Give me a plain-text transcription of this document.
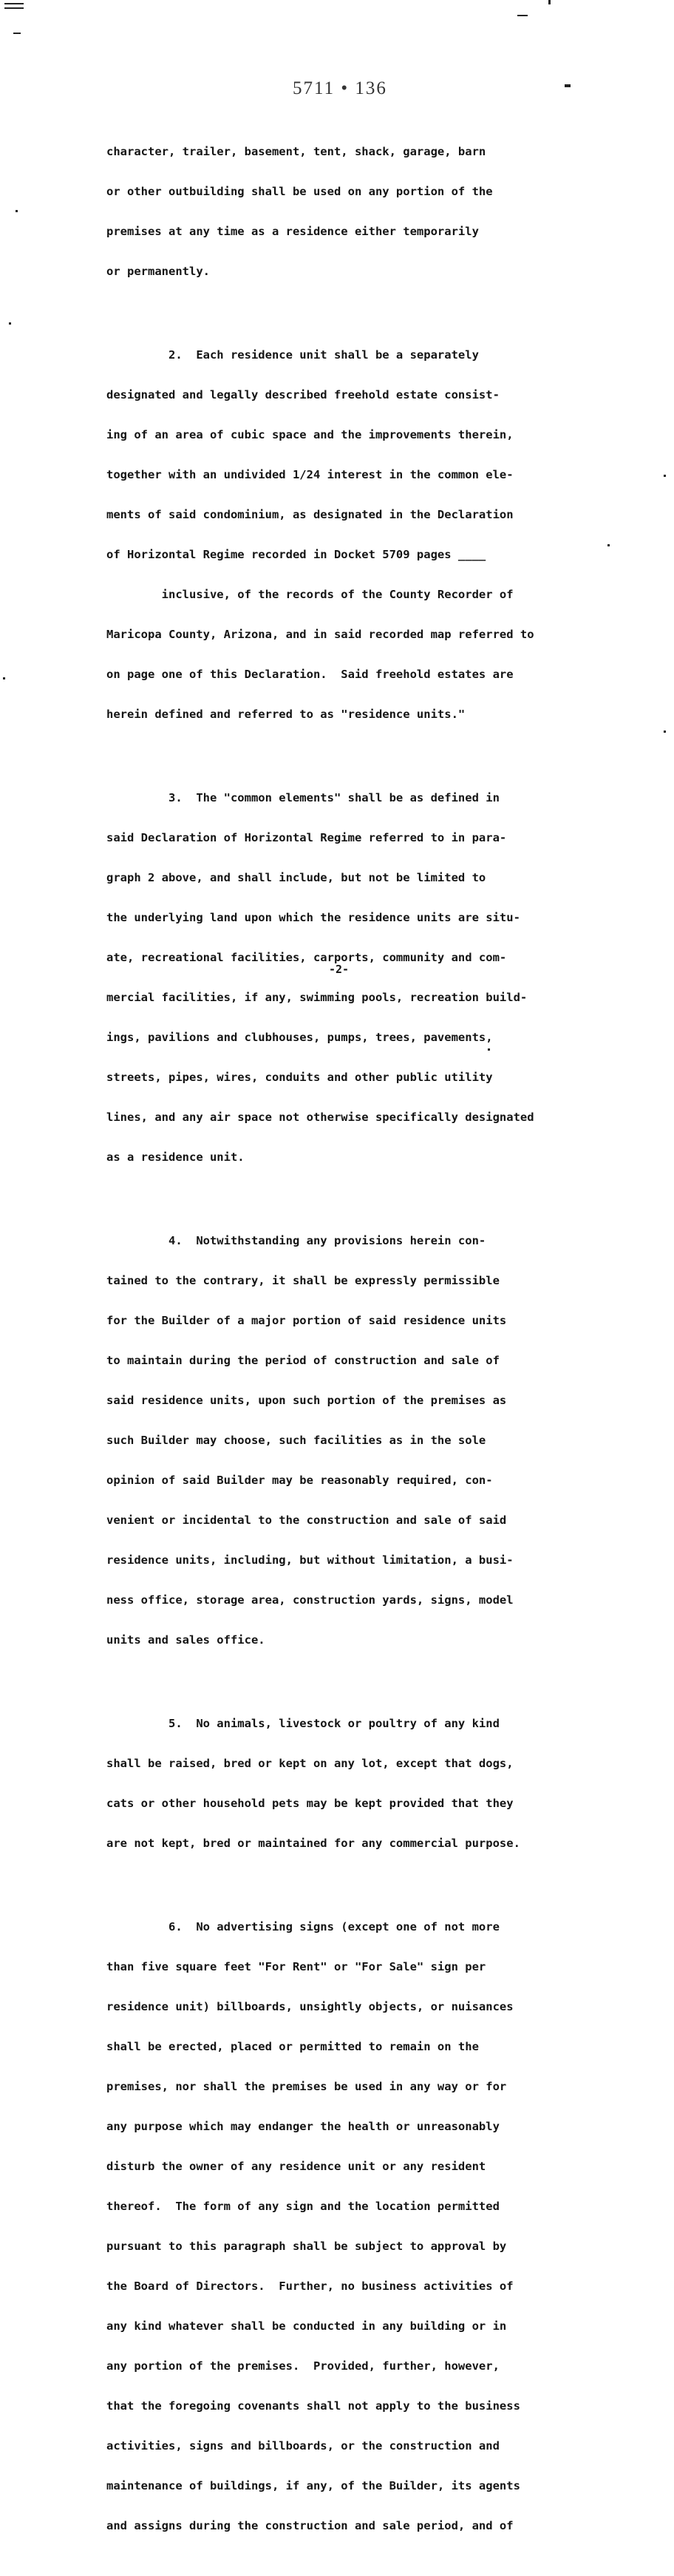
5711 • 136

character, trailer, basement, tent, shack, garage, barn

or other outbuilding shall be used on any portion of the

premises at any time as a residence either temporarily

or permanently.

2.  Each residence unit shall be a separately

designated and legally described freehold estate consist-

ing of an area of cubic space and the improvements therein,

together with an undivided 1/24 interest in the common ele-

ments of said condominium, as designated in the Declaration

of Horizontal Regime recorded in Docket 5709 pages ____

inclusive, of the records of the County Recorder of

Maricopa County, Arizona, and in said recorded map referred to

on page one of this Declaration.  Said freehold estates are

herein defined and referred to as "residence units."

3.  The "common elements" shall be as defined in

said Declaration of Horizontal Regime referred to in para-

graph 2 above, and shall include, but not be limited to

the underlying land upon which the residence units are situ-

ate, recreational facilities, carports, community and com-

mercial facilities, if any, swimming pools, recreation build-

ings, pavilions and clubhouses, pumps, trees, pavements,

streets, pipes, wires, conduits and other public utility

lines, and any air space not otherwise specifically designated

as a residence unit.

4.  Notwithstanding any provisions herein con-

tained to the contrary, it shall be expressly permissible

for the Builder of a major portion of said residence units

to maintain during the period of construction and sale of

said residence units, upon such portion of the premises as

such Builder may choose, such facilities as in the sole

opinion of said Builder may be reasonably required, con-

venient or incidental to the construction and sale of said

residence units, including, but without limitation, a busi-

ness office, storage area, construction yards, signs, model

units and sales office.

5.  No animals, livestock or poultry of any kind

shall be raised, bred or kept on any lot, except that dogs,

cats or other household pets may be kept provided that they

are not kept, bred or maintained for any commercial purpose.

6.  No advertising signs (except one of not more

than five square feet "For Rent" or "For Sale" sign per

residence unit) billboards, unsightly objects, or nuisances

shall be erected, placed or permitted to remain on the

premises, nor shall the premises be used in any way or for

any purpose which may endanger the health or unreasonably

disturb the owner of any residence unit or any resident

thereof.  The form of any sign and the location permitted

pursuant to this paragraph shall be subject to approval by

the Board of Directors.  Further, no business activities of

any kind whatever shall be conducted in any building or in

any portion of the premises.  Provided, further, however,

that the foregoing covenants shall not apply to the business

activities, signs and billboards, or the construction and

maintenance of buildings, if any, of the Builder, its agents

and assigns during the construction and sale period, and of

-2-
